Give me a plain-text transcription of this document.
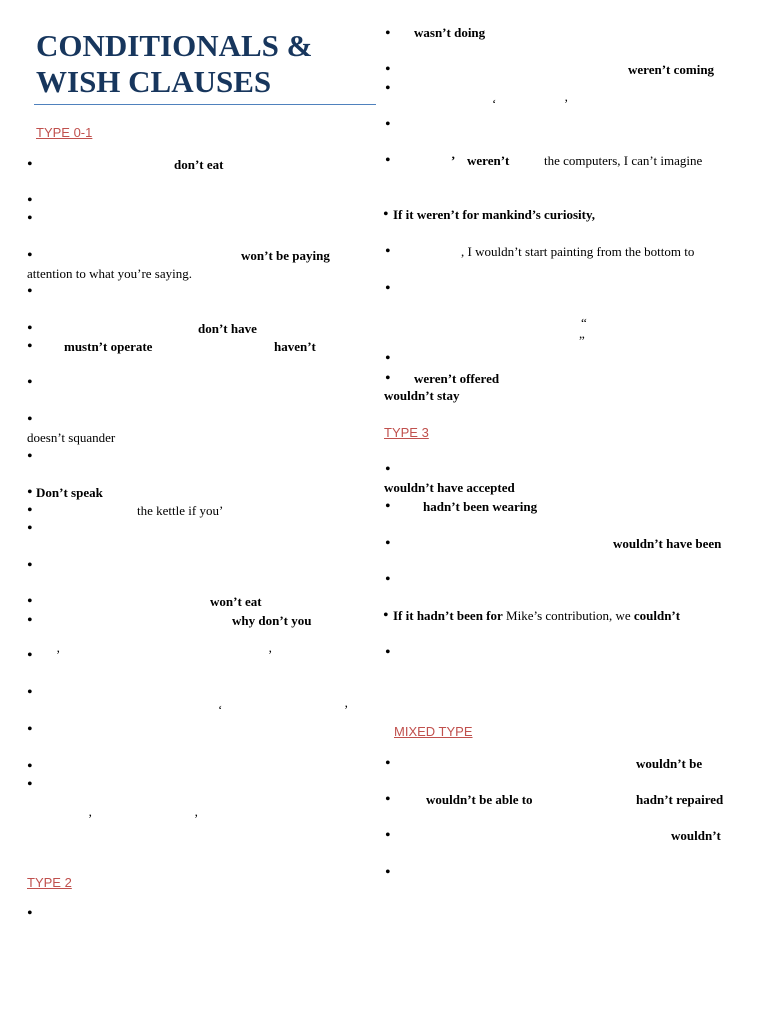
CONDITIONALS &
WISH CLAUSES
TYPE 0-1
•	don’t eat
•
•
•	won’t be paying
attention to what you’re saying.
•
•	don’t have
• mustn’t operate	haven’t
•
•
doesn’t squander
•
• Don’t speak
•	the kettle if you’
•
•
•	won’t eat
•	why don’t you
• ’	’
•
‘	’
•
•
•
’	’
TYPE 2
•
• wasn’t doing
•	weren’t coming
•
‘	’
•
•	’ weren’t	the computers, I can’t imagine
• If it weren’t for mankind’s curiosity,
•	, I wouldn’t start painting from the bottom to
•
“
”
•
• weren’t offered
wouldn’t stay
TYPE 3
•
wouldn’t have accepted
• hadn’t been wearing
•	wouldn’t have been
•
• If it hadn’t been for Mike’s contribution, we couldn’t
•
MIXED TYPE
•	wouldn’t be
•	wouldn’t be able to	hadn’t repaired
•	wouldn’t
•
